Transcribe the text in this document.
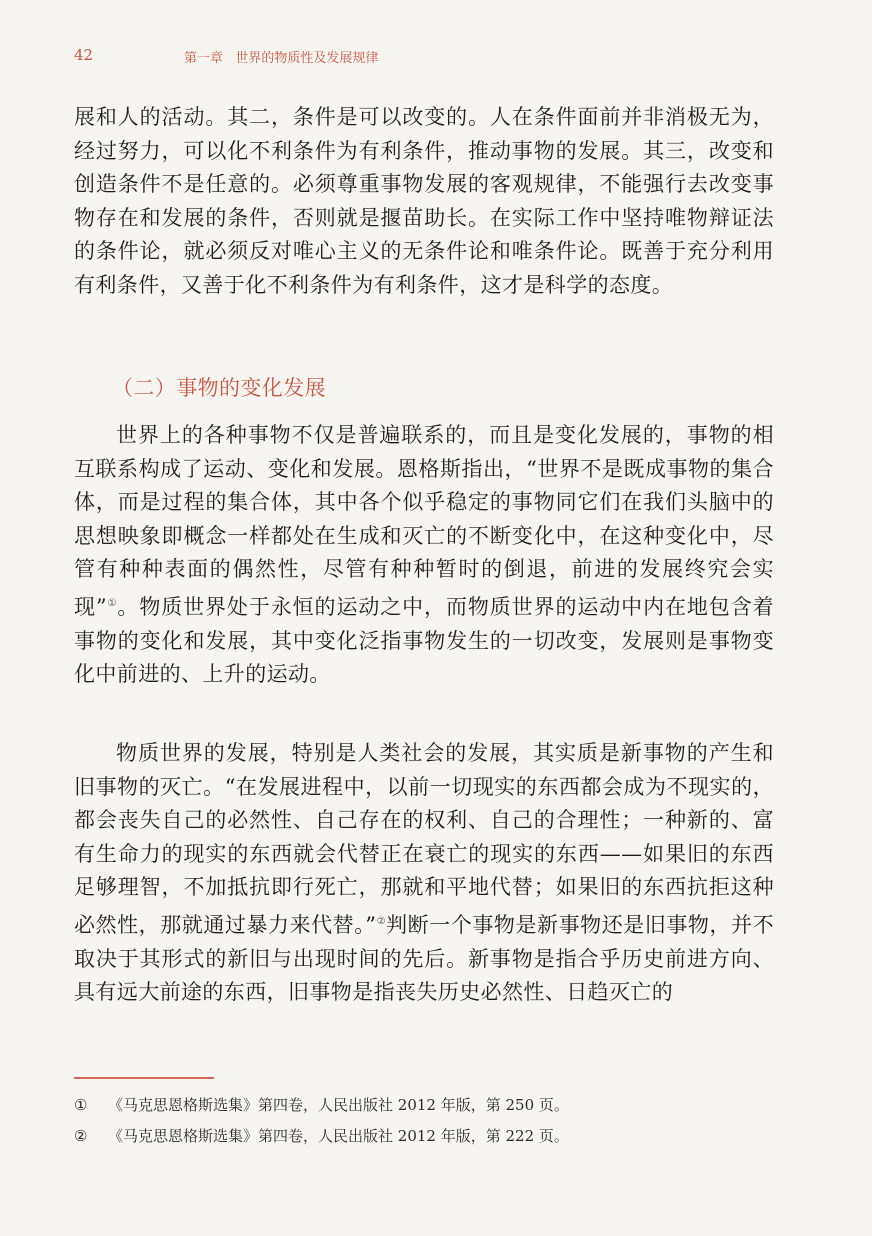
42	第一章   世界的物质性及发展规律

展和人的活动。其二，条件是可以改变的。人在条件面前并非消极无为，经过努力，可以化不利条件为有利条件，推动事物的发展。其三，改变和创造条件不是任意的。必须尊重事物发展的客观规律，不能强行去改变事物存在和发展的条件，否则就是揠苗助长。在实际工作中坚持唯物辩证法的条件论，就必须反对唯心主义的无条件论和唯条件论。既善于充分利用有利条件，又善于化不利条件为有利条件，这才是科学的态度。

（二）事物的变化发展

世界上的各种事物不仅是普遍联系的，而且是变化发展的，事物的相互联系构成了运动、变化和发展。恩格斯指出，“世界不是既成事物的集合体，而是过程的集合体，其中各个似乎稳定的事物同它们在我们头脑中的思想映象即概念一样都处在生成和灭亡的不断变化中，在这种变化中，尽管有种种表面的偶然性，尽管有种种暂时的倒退，前进的发展终究会实现”①。物质世界处于永恒的运动之中，而物质世界的运动中内在地包含着事物的变化和发展，其中变化泛指事物发生的一切改变，发展则是事物变化中前进的、上升的运动。

物质世界的发展，特别是人类社会的发展，其实质是新事物的产生和旧事物的灭亡。“在发展进程中，以前一切现实的东西都会成为不现实的，都会丧失自己的必然性、自己存在的权利、自己的合理性；一种新的、富有生命力的现实的东西就会代替正在衰亡的现实的东西——如果旧的东西足够理智，不加抵抗即行死亡，那就和平地代替；如果旧的东西抗拒这种必然性，那就通过暴力来代替。”②判断一个事物是新事物还是旧事物，并不取决于其形式的新旧与出现时间的先后。新事物是指合乎历史前进方向、具有远大前途的东西，旧事物是指丧失历史必然性、日趋灭亡的

① 《马克思恩格斯选集》第四卷，人民出版社 2012 年版，第 250 页。

② 《马克思恩格斯选集》第四卷，人民出版社 2012 年版，第 222 页。
